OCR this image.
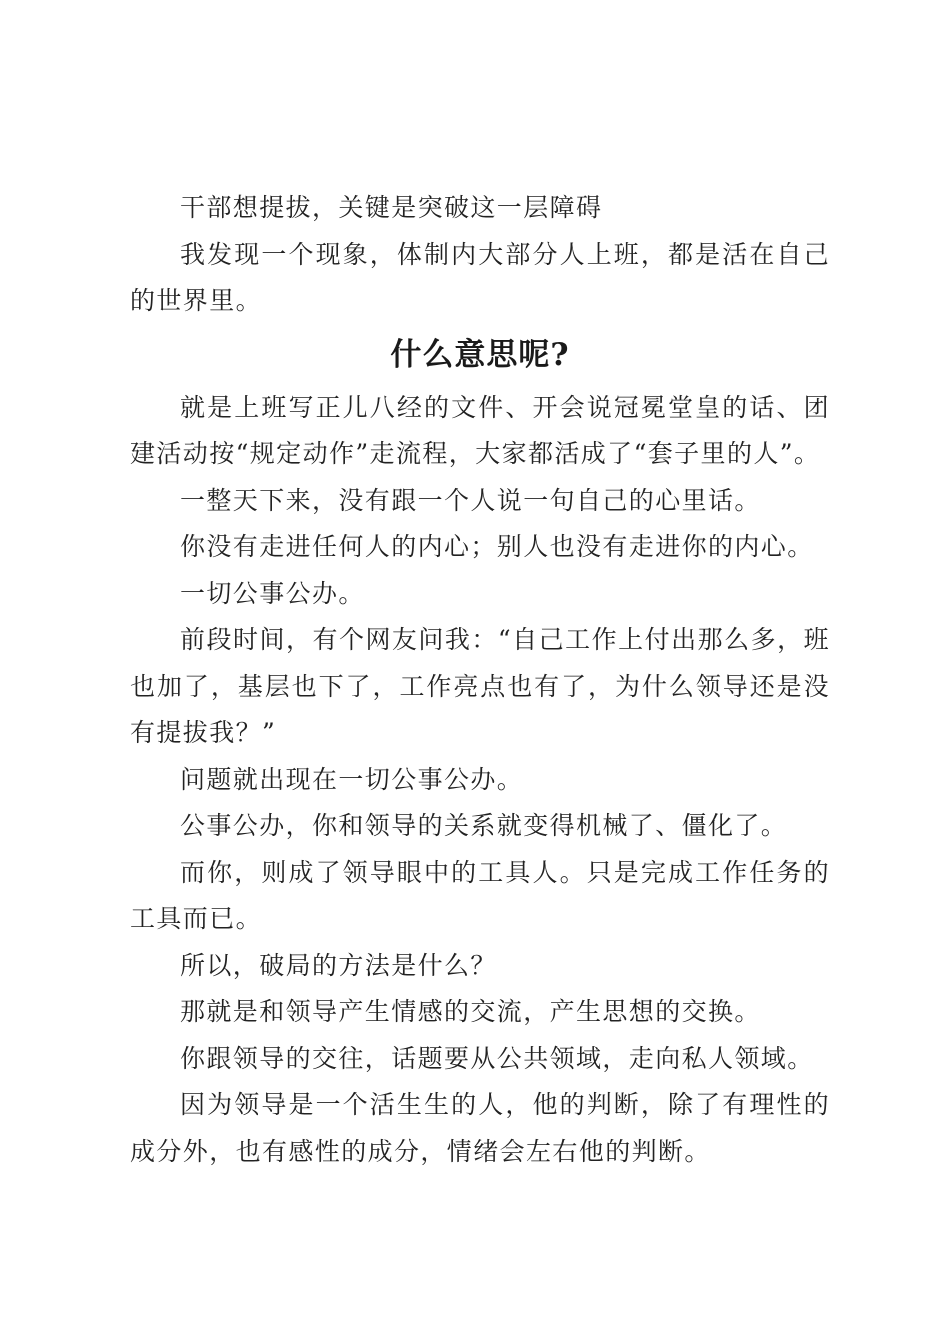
干部想提拔，关键是突破这一层障碍

我发现一个现象，体制内大部分人上班，都是活在自己的世界里。

什么意思呢?

就是上班写正儿八经的文件、开会说冠冕堂皇的话、团建活动按“规定动作”走流程，大家都活成了“套子里的人”。

一整天下来，没有跟一个人说一句自己的心里话。

你没有走进任何人的内心；别人也没有走进你的内心。

一切公事公办。

前段时间，有个网友问我：“自己工作上付出那么多，班也加了，基层也下了，工作亮点也有了，为什么领导还是没有提拔我？”

问题就出现在一切公事公办。

公事公办，你和领导的关系就变得机械了、僵化了。

而你，则成了领导眼中的工具人。只是完成工作任务的工具而已。

所以，破局的方法是什么？

那就是和领导产生情感的交流，产生思想的交换。

你跟领导的交往，话题要从公共领域，走向私人领域。

因为领导是一个活生生的人，他的判断，除了有理性的成分外，也有感性的成分，情绪会左右他的判断。
